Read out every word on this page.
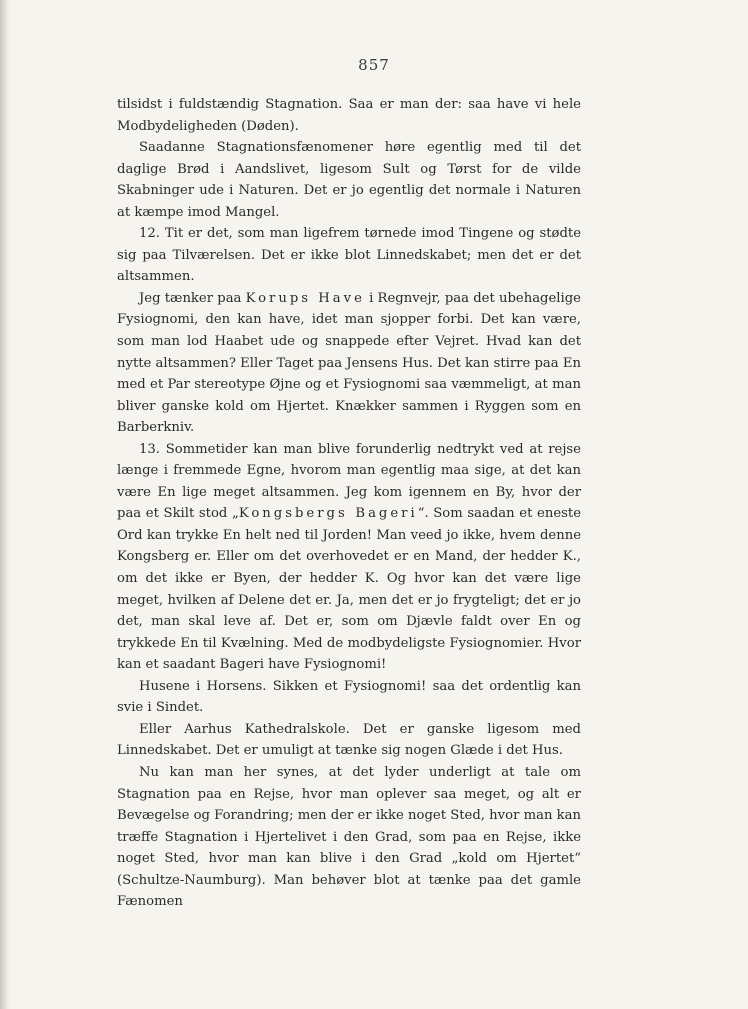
857

tilsidst i fuldstændig Stagnation. Saa er man der: saa have vi hele Modbydeligheden (Døden).

Saadanne Stagnationsfænomener høre egentlig med til det daglige Brød i Aandslivet, ligesom Sult og Tørst for de vilde Skabninger ude i Naturen. Det er jo egentlig det normale i Naturen at kæmpe imod Mangel.

12. Tit er det, som man ligefrem tørnede imod Tingene og stødte sig paa Tilværelsen. Det er ikke blot Linnedskabet; men det er det altsammen.

Jeg tænker paa Korups Have i Regnvejr, paa det ubehagelige Fysiognomi, den kan have, idet man sjopper forbi. Det kan være, som man lod Haabet ude og snappede efter Vejret. Hvad kan det nytte altsammen? Eller Taget paa Jensens Hus. Det kan stirre paa En med et Par stereotype Øjne og et Fysiognomi saa væmmeligt, at man bliver ganske kold om Hjertet. Knækker sammen i Ryggen som en Barberkniv.

13. Sommetider kan man blive forunderlig nedtrykt ved at rejse længe i fremmede Egne, hvorom man egentlig maa sige, at det kan være En lige meget altsammen. Jeg kom igennem en By, hvor der paa et Skilt stod „Kongsbergs Bageri“. Som saadan et eneste Ord kan trykke En helt ned til Jorden! Man veed jo ikke, hvem denne Kongsberg er. Eller om det overhovedet er en Mand, der hedder K., om det ikke er Byen, der hedder K. Og hvor kan det være lige meget, hvilken af Delene det er. Ja, men det er jo frygteligt; det er jo det, man skal leve af. Det er, som om Djævle faldt over En og trykkede En til Kvælning. Med de modbydeligste Fysiognomier. Hvor kan et saadant Bageri have Fysiognomi!

Husene i Horsens. Sikken et Fysiognomi! saa det ordentlig kan svie i Sindet.

Eller Aarhus Kathedralskole. Det er ganske ligesom med Linnedskabet. Det er umuligt at tænke sig nogen Glæde i det Hus.

Nu kan man her synes, at det lyder underligt at tale om Stagnation paa en Rejse, hvor man oplever saa meget, og alt er Bevægelse og Forandring; men der er ikke noget Sted, hvor man kan træffe Stagnation i Hjertelivet i den Grad, som paa en Rejse, ikke noget Sted, hvor man kan blive i den Grad „kold om Hjertet“ (Schultze-Naumburg). Man behøver blot at tænke paa det gamle Fænomen
